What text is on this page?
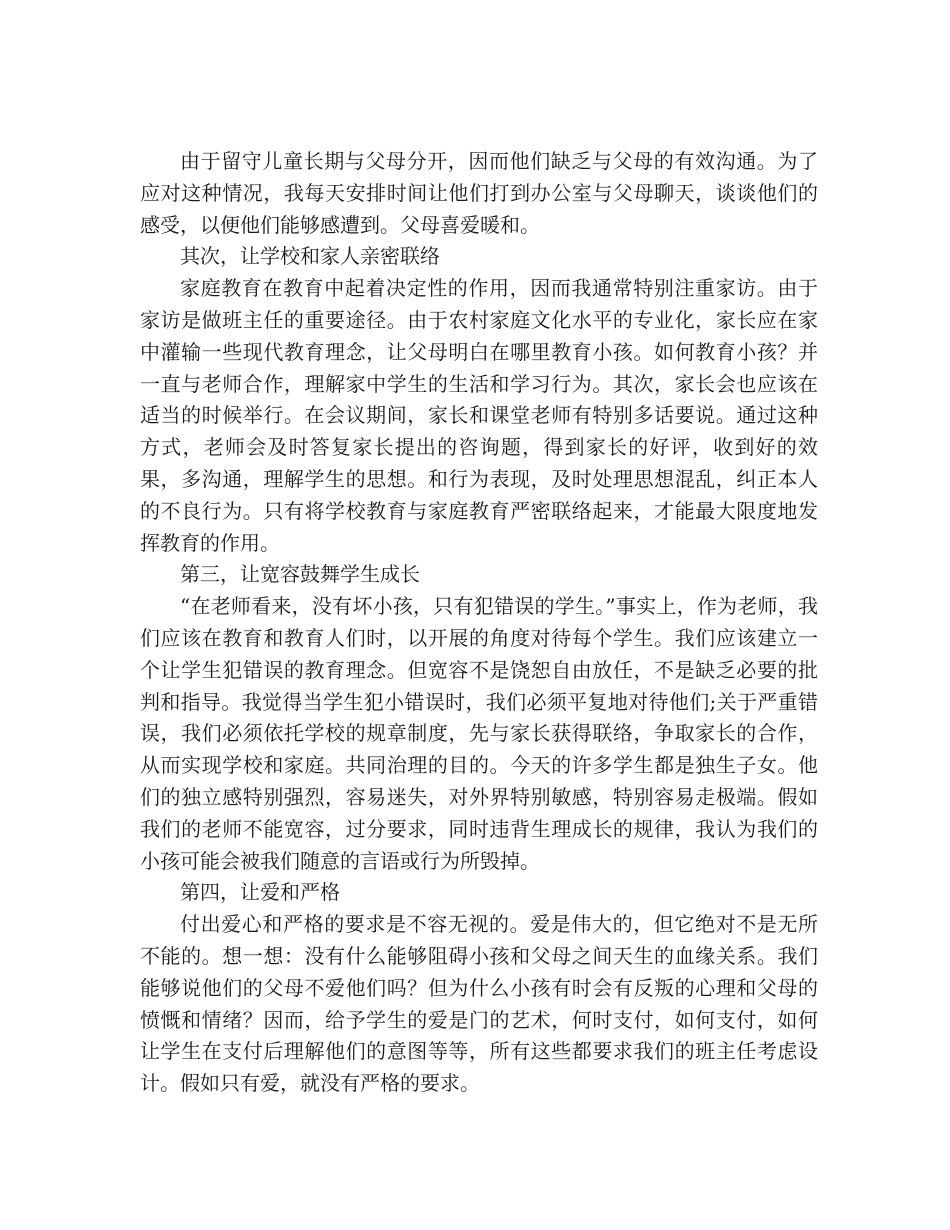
由于留守儿童长期与父母分开，因而他们缺乏与父母的有效沟通。为了应对这种情况，我每天安排时间让他们打到办公室与父母聊天，谈谈他们的感受，以便他们能够感遭到。父母喜爱暖和。

其次，让学校和家人亲密联络

家庭教育在教育中起着决定性的作用，因而我通常特别注重家访。由于家访是做班主任的重要途径。由于农村家庭文化水平的专业化，家长应在家中灌输一些现代教育理念，让父母明白在哪里教育小孩。如何教育小孩？并一直与老师合作，理解家中学生的生活和学习行为。其次，家长会也应该在适当的时候举行。在会议期间，家长和课堂老师有特别多话要说。通过这种方式，老师会及时答复家长提出的咨询题，得到家长的好评，收到好的效果，多沟通，理解学生的思想。和行为表现，及时处理思想混乱，纠正本人的不良行为。只有将学校教育与家庭教育严密联络起来，才能最大限度地发挥教育的作用。

第三，让宽容鼓舞学生成长

“在老师看来，没有坏小孩，只有犯错误的学生。”事实上，作为老师，我们应该在教育和教育人们时，以开展的角度对待每个学生。我们应该建立一个让学生犯错误的教育理念。但宽容不是饶恕自由放任，不是缺乏必要的批判和指导。我觉得当学生犯小错误时，我们必须平复地对待他们;关于严重错误，我们必须依托学校的规章制度，先与家长获得联络，争取家长的合作，从而实现学校和家庭。共同治理的目的。今天的许多学生都是独生子女。他们的独立感特别强烈，容易迷失，对外界特别敏感，特别容易走极端。假如我们的老师不能宽容，过分要求，同时违背生理成长的规律，我认为我们的小孩可能会被我们随意的言语或行为所毁掉。

第四，让爱和严格

付出爱心和严格的要求是不容无视的。爱是伟大的，但它绝对不是无所不能的。想一想：没有什么能够阻碍小孩和父母之间天生的血缘关系。我们能够说他们的父母不爱他们吗？但为什么小孩有时会有反叛的心理和父母的愤慨和情绪？因而，给予学生的爱是门的艺术，何时支付，如何支付，如何让学生在支付后理解他们的意图等等，所有这些都要求我们的班主任考虑设计。假如只有爱，就没有严格的要求。
